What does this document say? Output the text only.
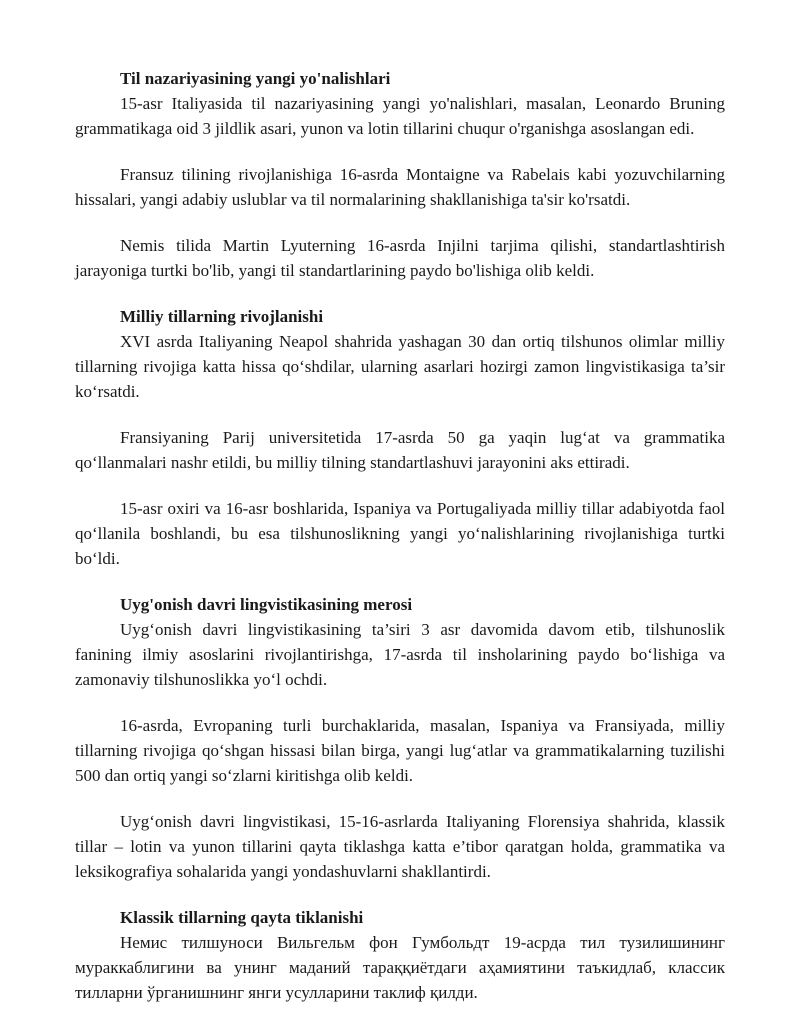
Til nazariyasining yangi yo'nalishlari

15-asr Italiyasida til nazariyasining yangi yo'nalishlari, masalan, Leonardo Bruning grammatikaga oid 3 jildlik asari, yunon va lotin tillarini chuqur o'rganishga asoslangan edi.

Fransuz tilining rivojlanishiga 16-asrda Montaigne va Rabelais kabi yozuvchilarning hissalari, yangi adabiy uslublar va til normalarining shakllanishiga ta'sir ko'rsatdi.

Nemis tilida Martin Lyuterning 16-asrda Injilni tarjima qilishi, standartlashtirish jarayoniga turtki bo'lib, yangi til standartlarining paydo bo'lishiga olib keldi.

Milliy tillarning rivojlanishi

XVI asrda Italiyaning Neapol shahrida yashagan 30 dan ortiq tilshunos olimlar milliy tillarning rivojiga katta hissa qo‘shdilar, ularning asarlari hozirgi zamon lingvistikasiga ta’sir ko‘rsatdi.

Fransiyaning Parij universitetida 17-asrda 50 ga yaqin lug‘at va grammatika qo‘llanmalari nashr etildi, bu milliy tilning standartlashuvi jarayonini aks ettiradi.

15-asr oxiri va 16-asr boshlarida, Ispaniya va Portugaliyada milliy tillar adabiyotda faol qo‘llanila boshlandi, bu esa tilshunoslikning yangi yo‘nalishlarining rivojlanishiga turtki bo‘ldi.

Uyg'onish davri lingvistikasining merosi

Uyg‘onish davri lingvistikasining ta’siri 3 asr davomida davom etib, tilshunoslik fanining ilmiy asoslarini rivojlantirishga, 17-asrda til insholarining paydo bo‘lishiga va zamonaviy tilshunoslikka yo‘l ochdi.

16-asrda, Evropaning turli burchaklarida, masalan, Ispaniya va Fransiyada, milliy tillarning rivojiga qo‘shgan hissasi bilan birga, yangi lug‘atlar va grammatikalarning tuzilishi 500 dan ortiq yangi so‘zlarni kiritishga olib keldi.

Uyg‘onish davri lingvistikasi, 15-16-asrlarda Italiyaning Florensiya shahrida, klassik tillar – lotin va yunon tillarini qayta tiklashga katta e’tibor qaratgan holda, grammatika va leksikografiya sohalarida yangi yondashuvlarni shakllantirdi.

Klassik tillarning qayta tiklanishi

Немис тилшуноси Вильгельм фон Гумбольдт 19-асрда тил тузилишининг мураккаблигини ва унинг маданий тараққиётдаги аҳамиятини таъкидлаб, классик тилларни ўрганишнинг янги усулларини таклиф қилди.
